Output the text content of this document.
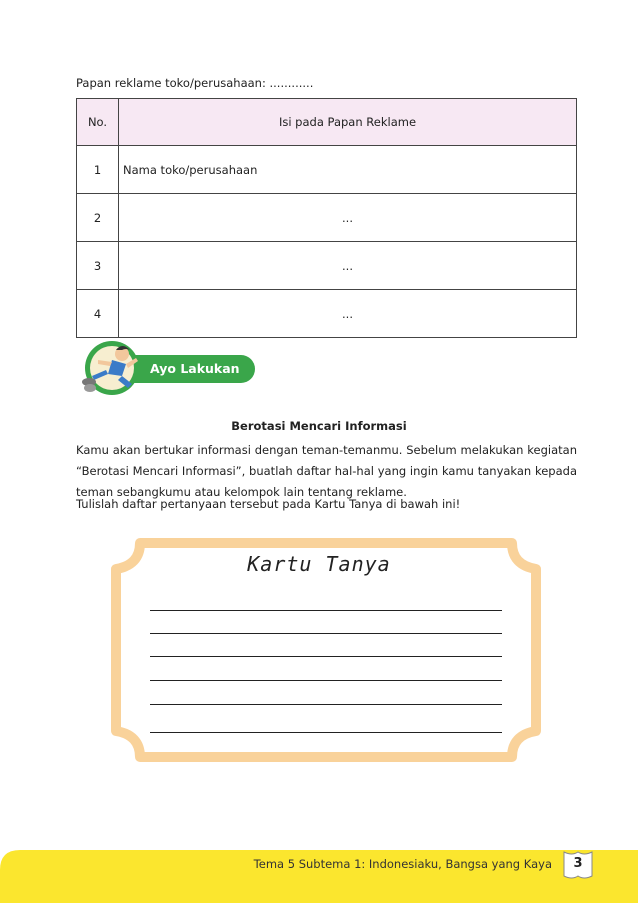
Papan reklame toko/perusahaan: ............
No.	Isi pada Papan Reklame
1	Nama toko/perusahaan
2	...
3	...
4	...
Ayo Lakukan
Berotasi Mencari Informasi
Kamu akan bertukar informasi dengan teman-temanmu. Sebelum melakukan kegiatan “Berotasi Mencari Informasi”, buatlah daftar hal-hal yang ingin kamu tanyakan kepada teman sebangkumu atau kelompok lain tentang reklame.
Tulislah daftar pertanyaan tersebut pada Kartu Tanya di bawah ini!
Kartu Tanya
Tema 5 Subtema 1: Indonesiaku, Bangsa yang Kaya	3
